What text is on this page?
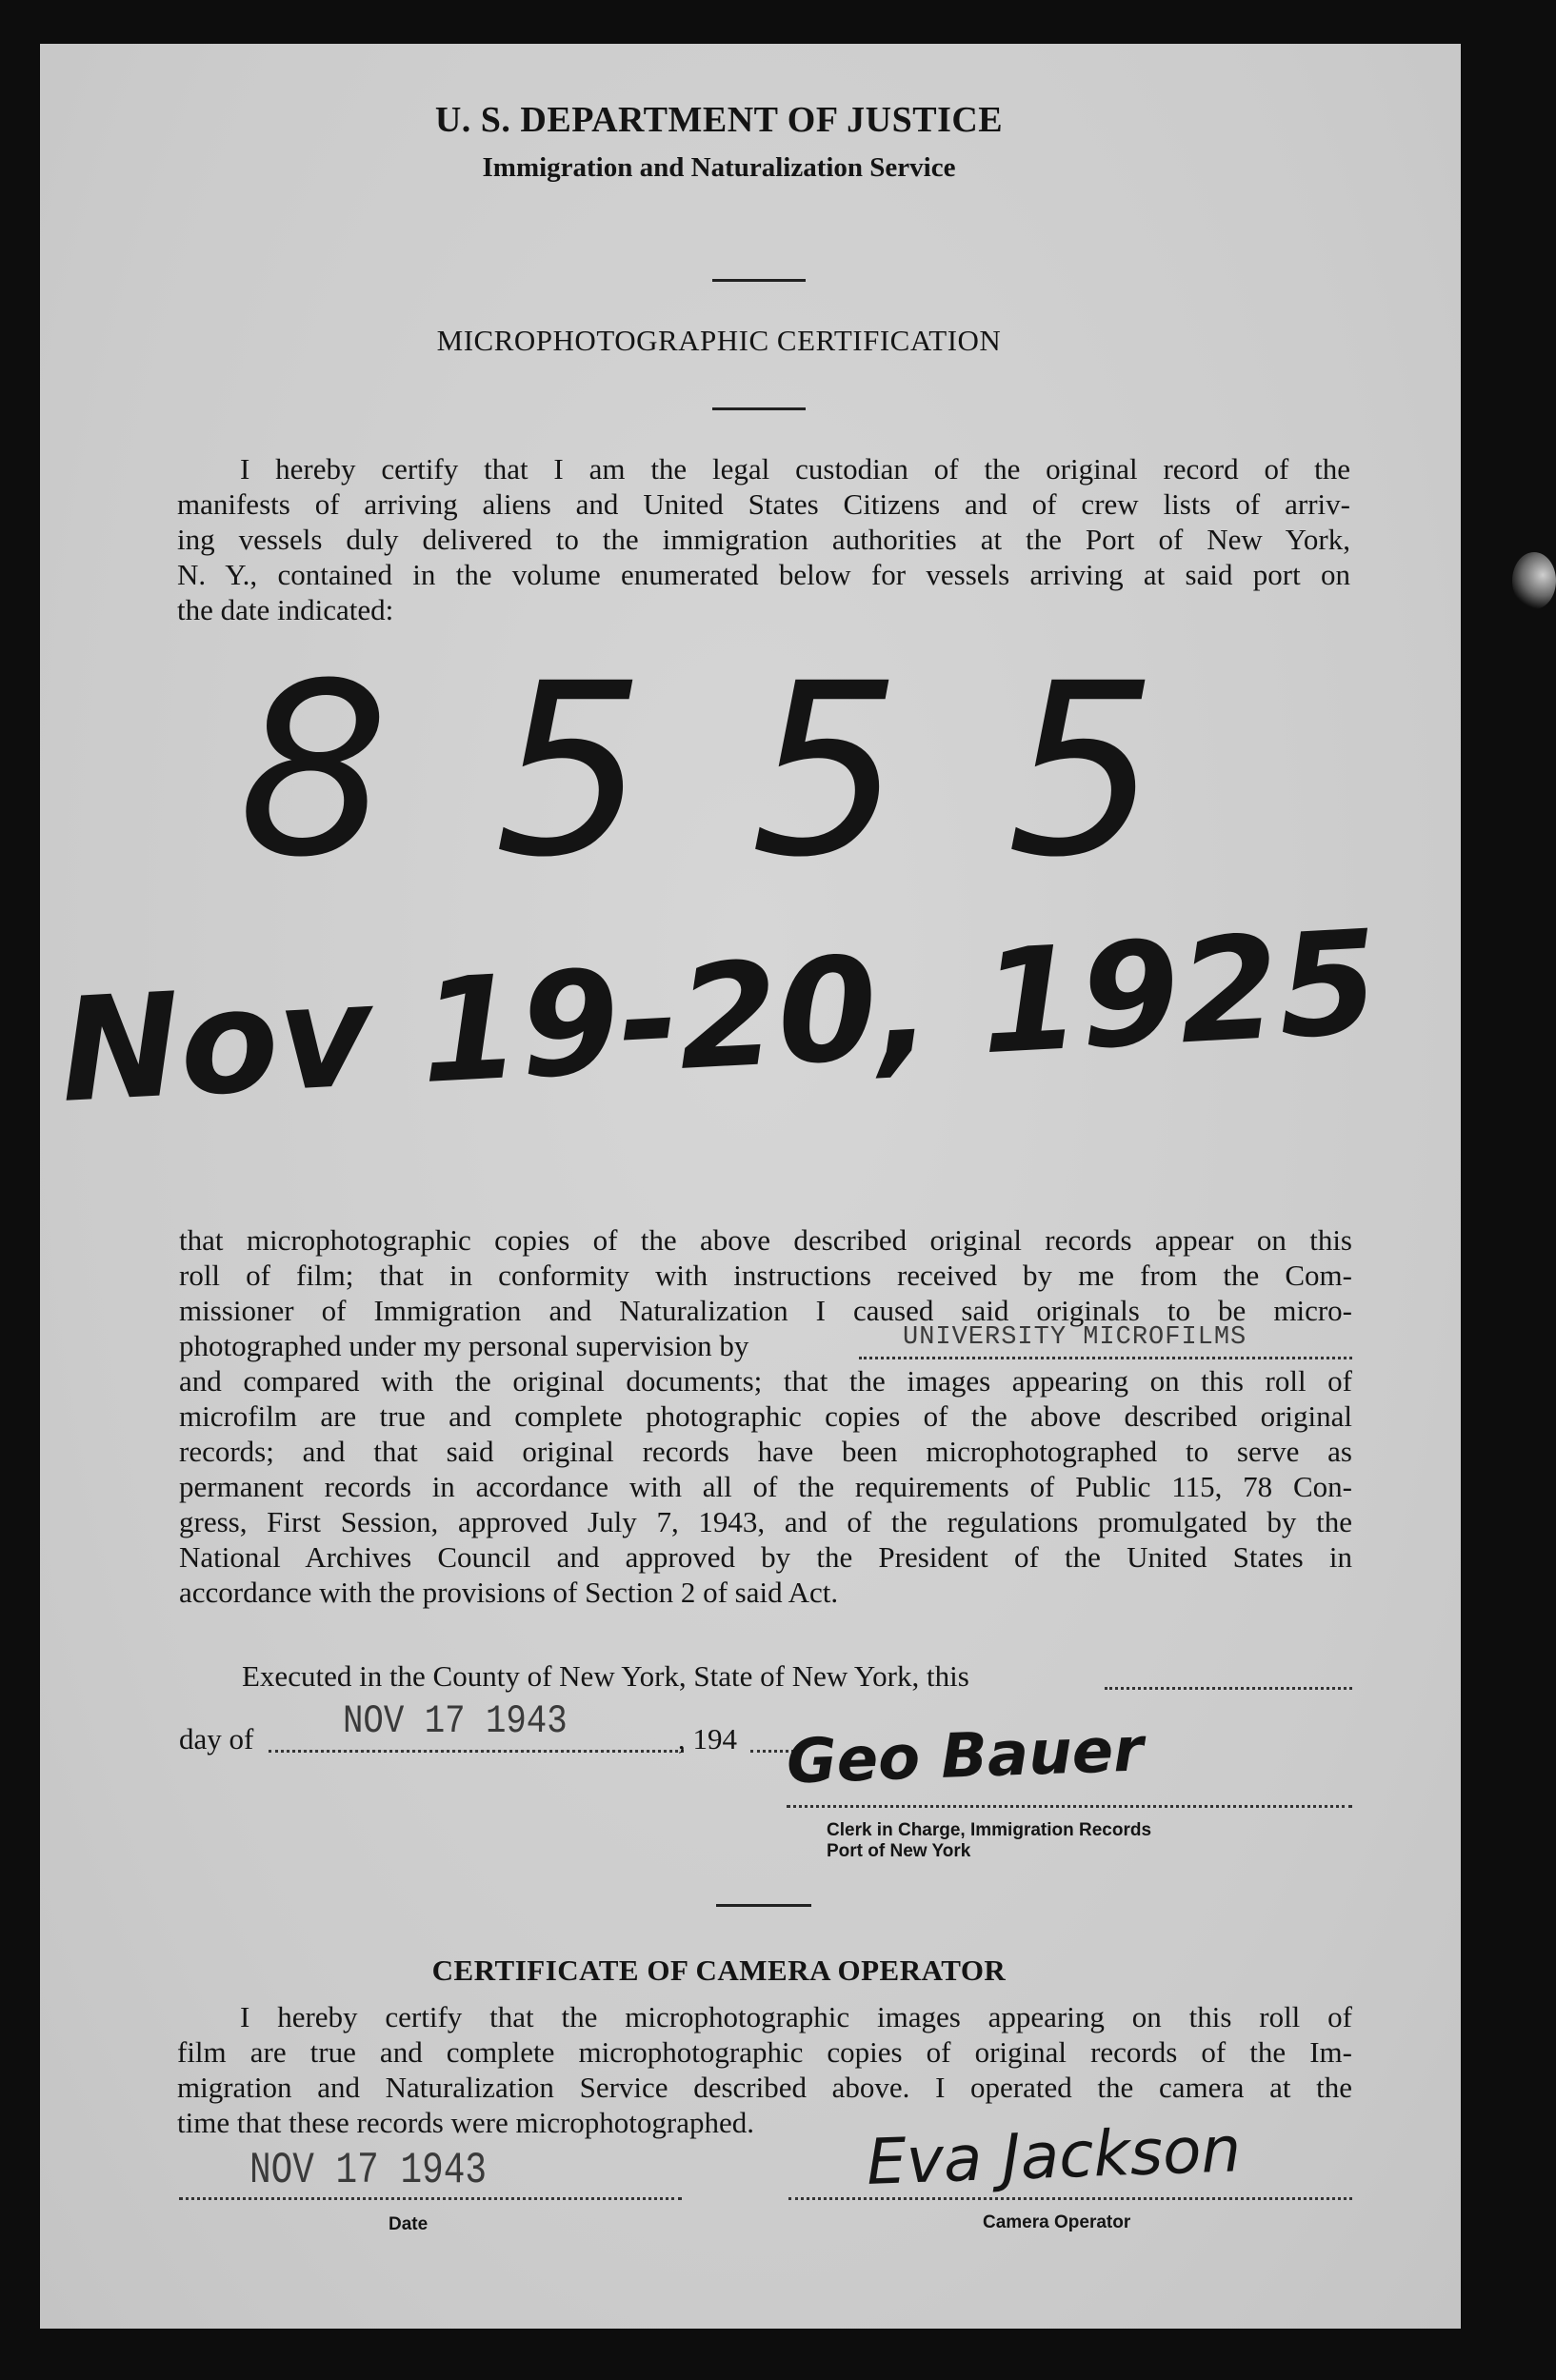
U. S. DEPARTMENT OF JUSTICE
Immigration and Naturalization Service
MICROPHOTOGRAPHIC CERTIFICATION
I hereby certify that I am the legal custodian of the original record of the
manifests of arriving aliens and United States Citizens and of crew lists of arriv-
ing vessels duly delivered to the immigration authorities at the Port of New York,
N. Y., contained in the volume enumerated below for vessels arriving at said port on
the date indicated:
8555
Nov 19-20, 1925
that microphotographic copies of the above described original records appear on this
roll of film; that in conformity with instructions received by me from the Com-
missioner of Immigration and Naturalization I caused said originals to be micro-
photographed under my personal supervision by	UNIVERSITY MICROFILMS
and compared with the original documents; that the images appearing on this roll of
microfilm are true and complete photographic copies of the above described original
records; and that said original records have been microphotographed to serve as
permanent records in accordance with all of the requirements of Public 115, 78 Con-
gress, First Session, approved July 7, 1943, and of the regulations promulgated by the
National Archives Council and approved by the President of the United States in
accordance with the provisions of Section 2 of said Act.
Executed in the County of New York, State of New York, this
day of NOV 17 1943	, 194 Geo Bauer
Clerk in Charge, Immigration Records
Port of New York
CERTIFICATE OF CAMERA OPERATOR
I hereby certify that the microphotographic images appearing on this roll of
film are true and complete microphotographic copies of original records of the Im-
migration and Naturalization Service described above. I operated the camera at the
time that these records were microphotographed.
NOV 17 1943
Date
Eva Jackson
Camera Operator
